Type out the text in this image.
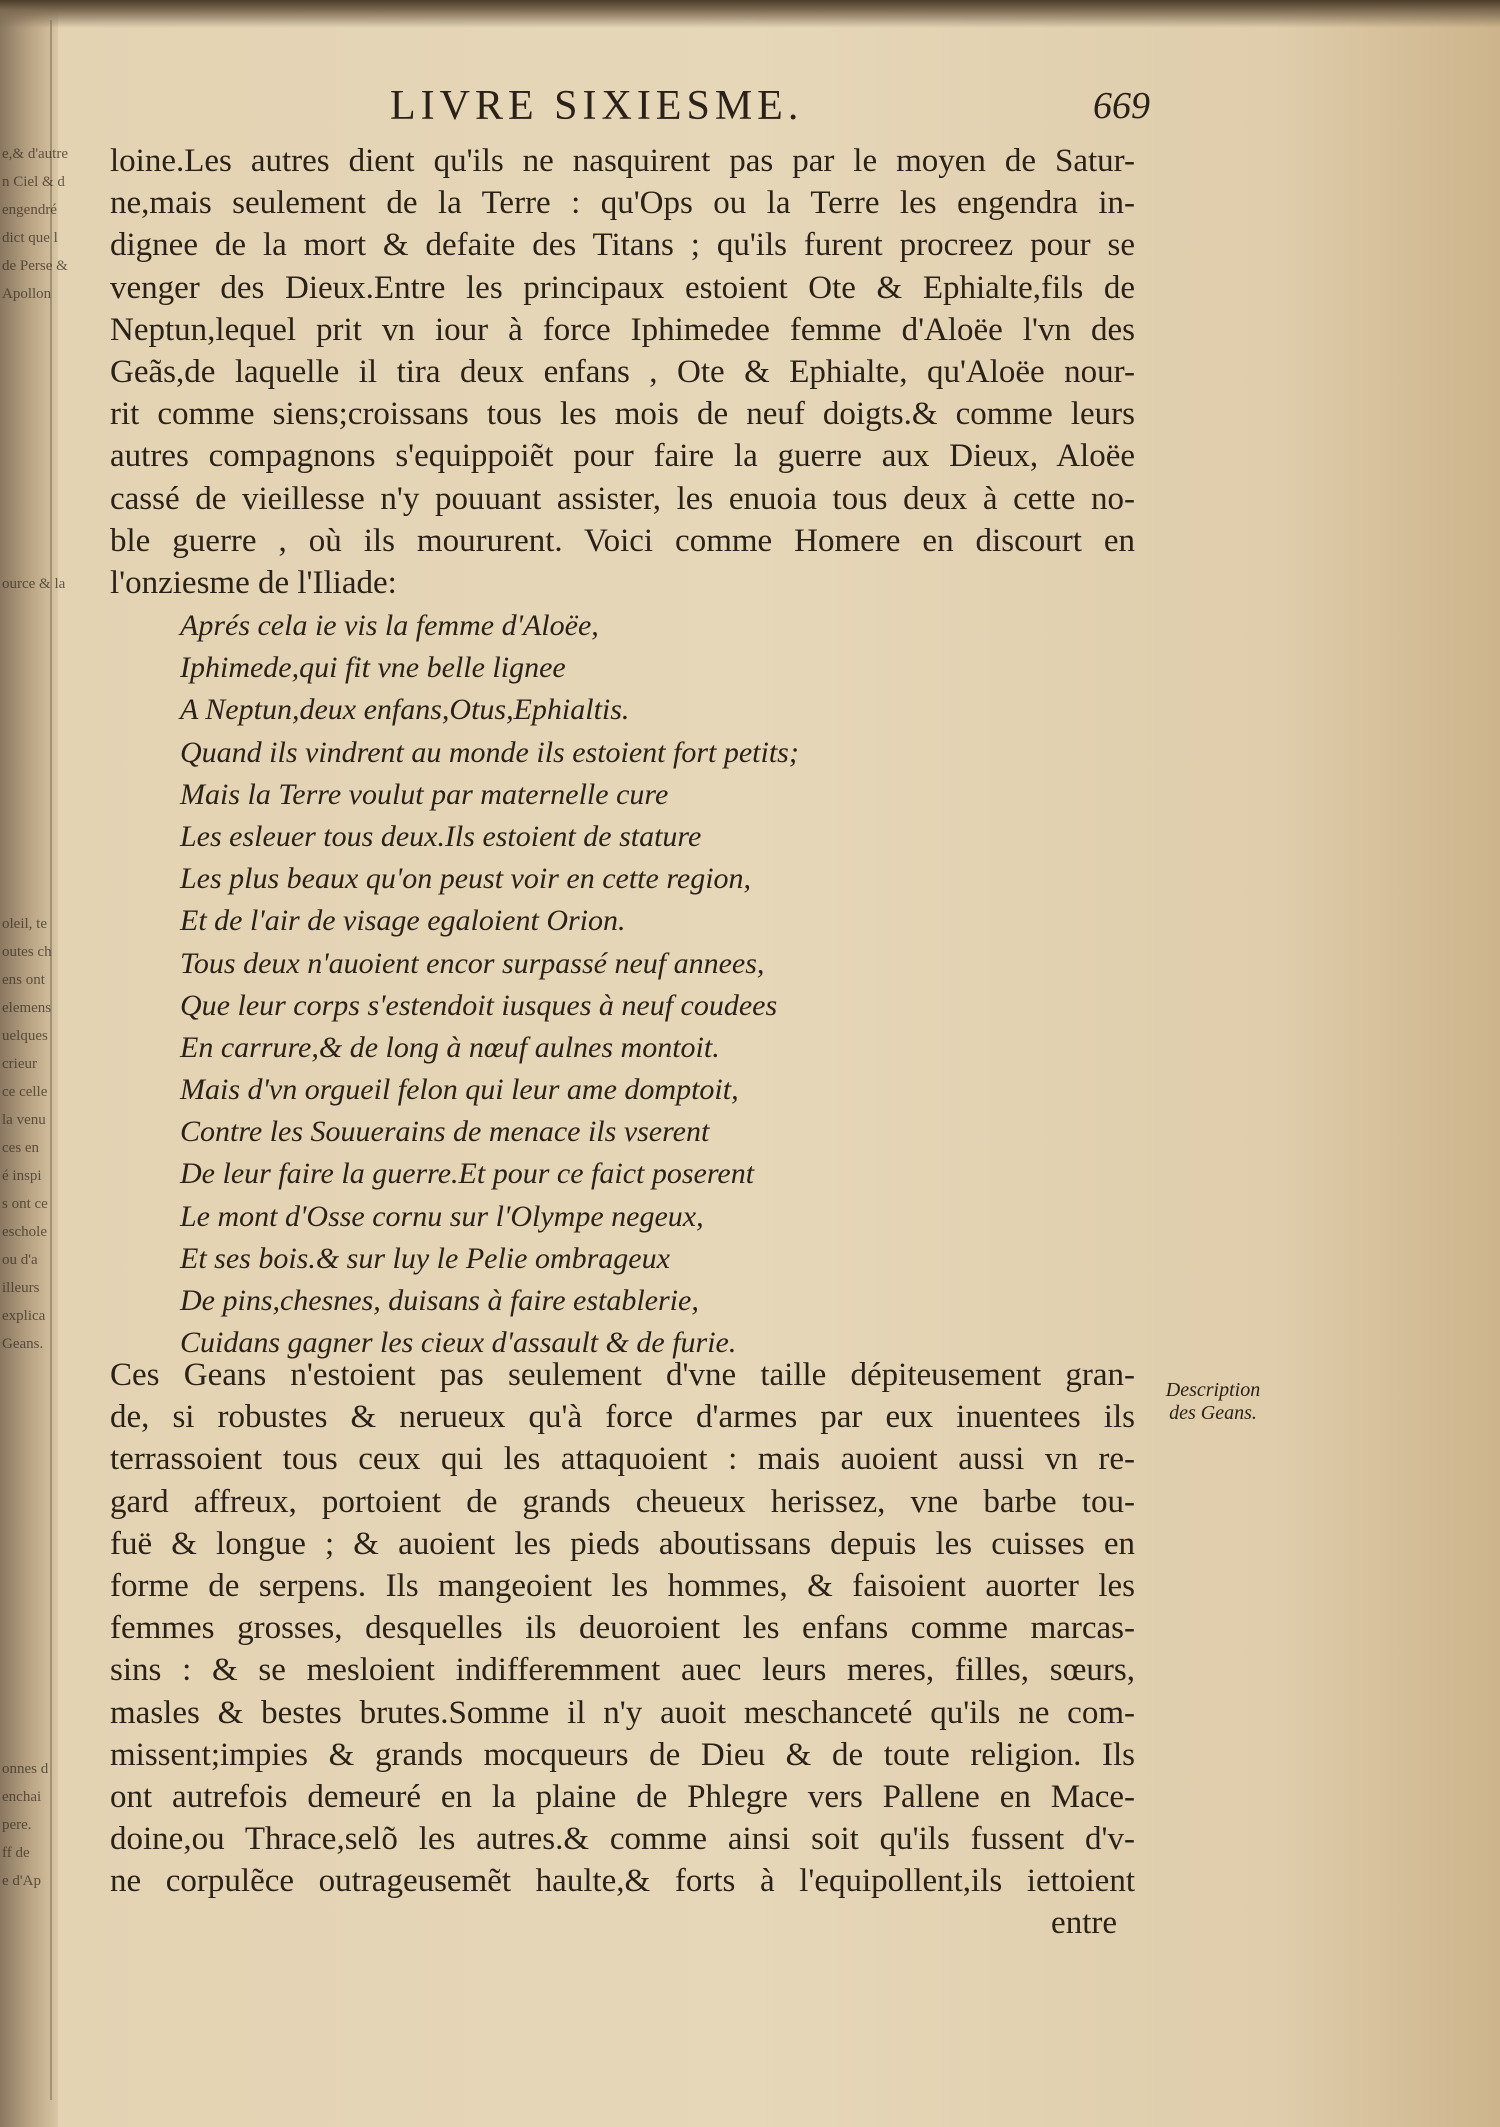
e,& d'autre
n Ciel & d
engendré
dict que l
de Perse &
Apollon
ource & la
oleil, te
outes ch
ens ont
elemens
uelques
crieur
ce celle
la venu
ces en
é inspi
s ont ce
eschole
ou d'a
illeurs
explica
Geans.
onnes d
enchai
pere.
ff de
e d'Ap
LIVRE SIXIESME.	669
loine.Les autres dient qu'ils ne nasquirent pas par le moyen de Satur-
ne,mais seulement de la Terre : qu'Ops ou la Terre les engendra in-
dignee de la mort & defaite des Titans ; qu'ils furent procreez pour se
venger des Dieux.Entre les principaux estoient Ote & Ephialte,fils de
Neptun,lequel prit vn iour à force Iphimedee femme d'Aloëe l'vn des
Geãs,de laquelle il tira deux enfans , Ote & Ephialte, qu'Aloëe nour-
rit comme siens;croissans tous les mois de neuf doigts.& comme leurs
autres compagnons s'equippoiẽt pour faire la guerre aux Dieux, Aloëe
cassé de vieillesse n'y pouuant assister, les enuoia tous deux à cette no-
ble guerre , où ils moururent. Voici comme Homere en discourt en
l'onziesme de l'Iliade:
Aprés cela ie vis la femme d'Aloëe,
Iphimede,qui fit vne belle lignee
A Neptun,deux enfans,Otus,Ephialtis.
Quand ils vindrent au monde ils estoient fort petits;
Mais la Terre voulut par maternelle cure
Les esleuer tous deux.Ils estoient de stature
Les plus beaux qu'on peust voir en cette region,
Et de l'air de visage egaloient Orion.
Tous deux n'auoient encor surpassé neuf annees,
Que leur corps s'estendoit iusques à neuf coudees
En carrure,& de long à nœuf aulnes montoit.
Mais d'vn orgueil felon qui leur ame domptoit,
Contre les Souuerains de menace ils vserent
De leur faire la guerre.Et pour ce faict poserent
Le mont d'Osse cornu sur l'Olympe negeux,
Et ses bois.& sur luy le Pelie ombrageux
De pins,chesnes, duisans à faire establerie,
Cuidans gagner les cieux d'assault & de furie.
Ces Geans n'estoient pas seulement d'vne taille dépiteusement gran-
de, si robustes & nerueux qu'à force d'armes par eux inuentees ils
terrassoient tous ceux qui les attaquoient : mais auoient aussi vn re-
gard affreux, portoient de grands cheueux herissez, vne barbe tou-
fuë & longue ; & auoient les pieds aboutissans depuis les cuisses en
forme de serpens. Ils mangeoient les hommes, & faisoient auorter les
femmes grosses, desquelles ils deuoroient les enfans comme marcas-
sins : & se mesloient indifferemment auec leurs meres, filles, sœurs,
masles & bestes brutes.Somme il n'y auoit meschanceté qu'ils ne com-
missent;impies & grands mocqueurs de Dieu & de toute religion. Ils
ont autrefois demeuré en la plaine de Phlegre vers Pallene en Mace-
doine,ou Thrace,selõ les autres.& comme ainsi soit qu'ils fussent d'v-
ne corpulẽce outrageusemẽt haulte,& forts à l'equipollent,ils iettoient
Description
des Geans.
entre
